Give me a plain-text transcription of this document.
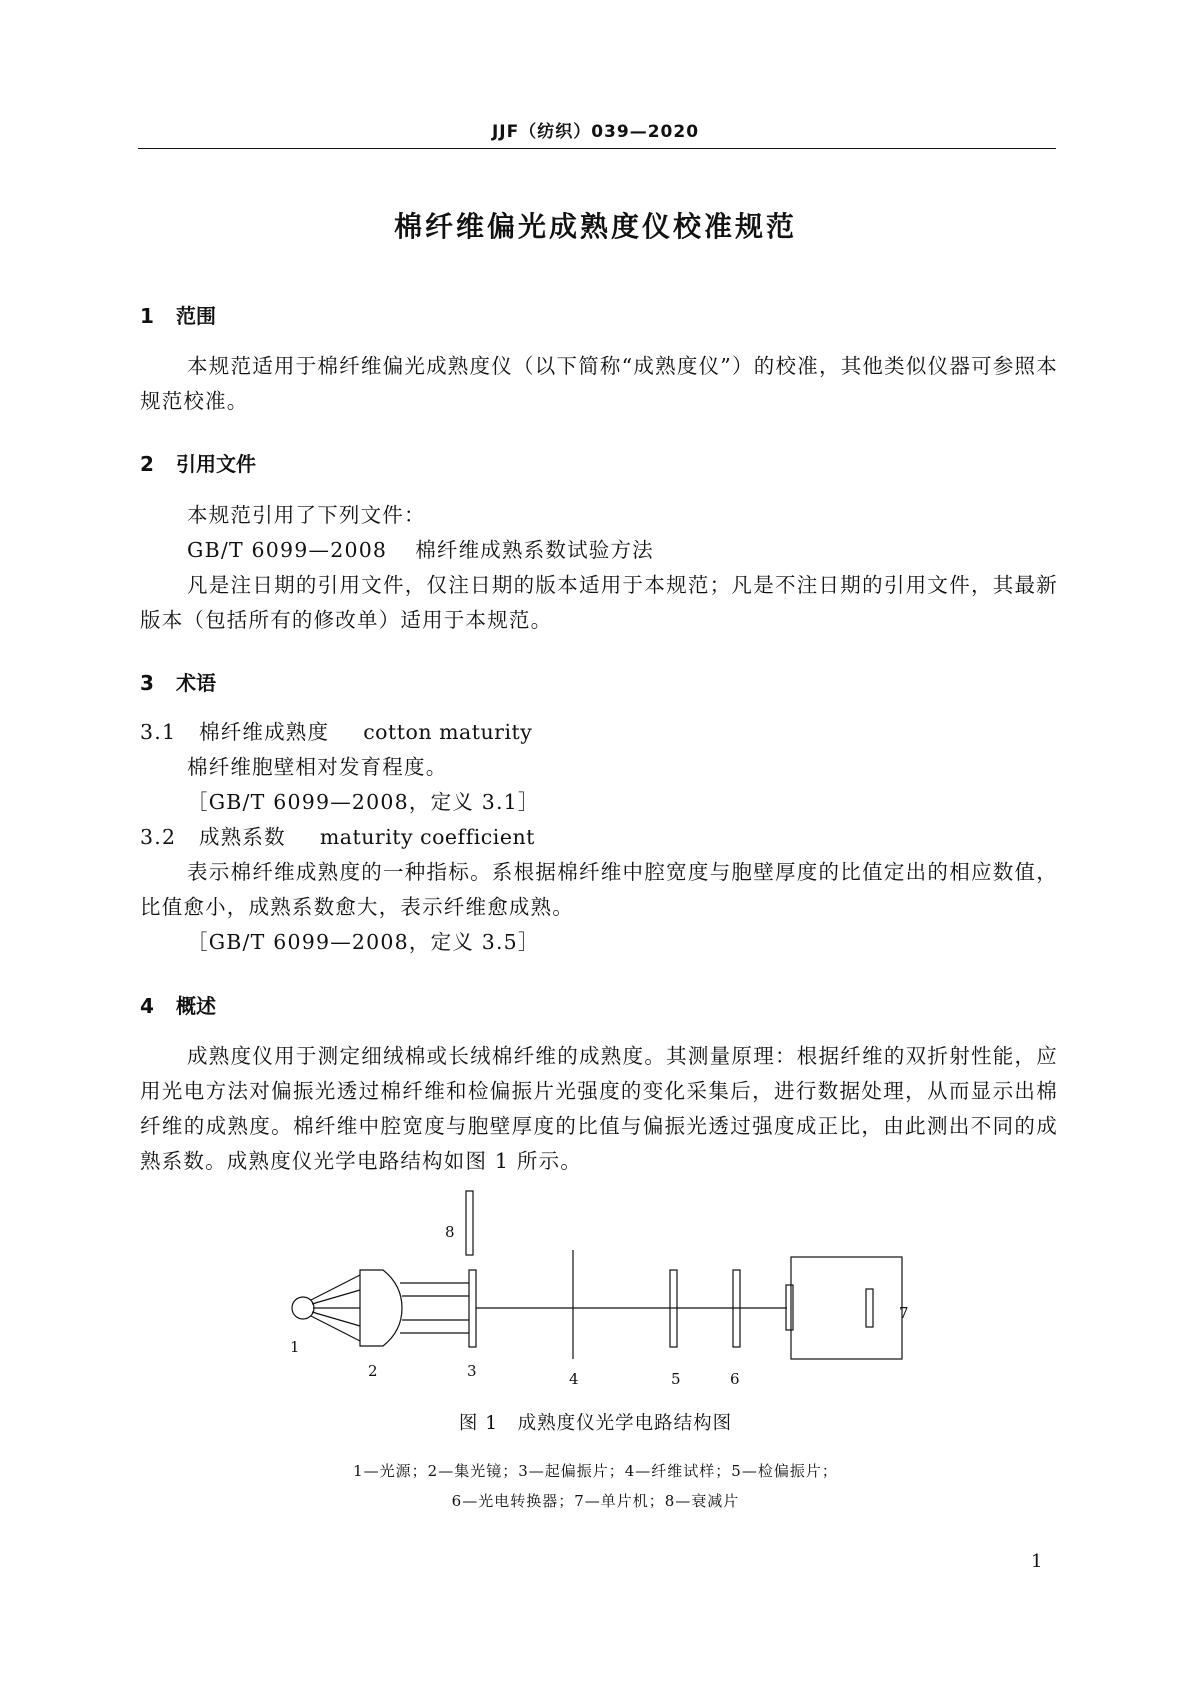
JJF（纺织）039—2020
棉纤维偏光成熟度仪校准规范
1 范围
本规范适用于棉纤维偏光成熟度仪（以下简称“成熟度仪”）的校准，其他类似仪器可参照本规范校准。
2 引用文件
本规范引用了下列文件：
GB/T 6099—2008 棉纤维成熟系数试验方法
凡是注日期的引用文件，仅注日期的版本适用于本规范；凡是不注日期的引用文件，其最新版本（包括所有的修改单）适用于本规范。
3 术语
3.1 棉纤维成熟度 cotton maturity
棉纤维胞壁相对发育程度。
［GB/T 6099—2008，定义 3.1］
3.2 成熟系数 maturity coefficient
表示棉纤维成熟度的一种指标。系根据棉纤维中腔宽度与胞壁厚度的比值定出的相应数值，比值愈小，成熟系数愈大，表示纤维愈成熟。
［GB/T 6099—2008，定义 3.5］
4 概述
成熟度仪用于测定细绒棉或长绒棉纤维的成熟度。其测量原理：根据纤维的双折射性能，应用光电方法对偏振光透过棉纤维和检偏振片光强度的变化采集后，进行数据处理，从而显示出棉纤维的成熟度。棉纤维中腔宽度与胞壁厚度的比值与偏振光透过强度成正比，由此测出不同的成熟系数。成熟度仪光学电路结构如图 1 所示。
1
2	3	4	5	6
7
8
图 1　成熟度仪光学电路结构图
1—光源；2—集光镜；3—起偏振片；4—纤维试样；5—检偏振片；
6—光电转换器；7—单片机；8—衰减片
1
